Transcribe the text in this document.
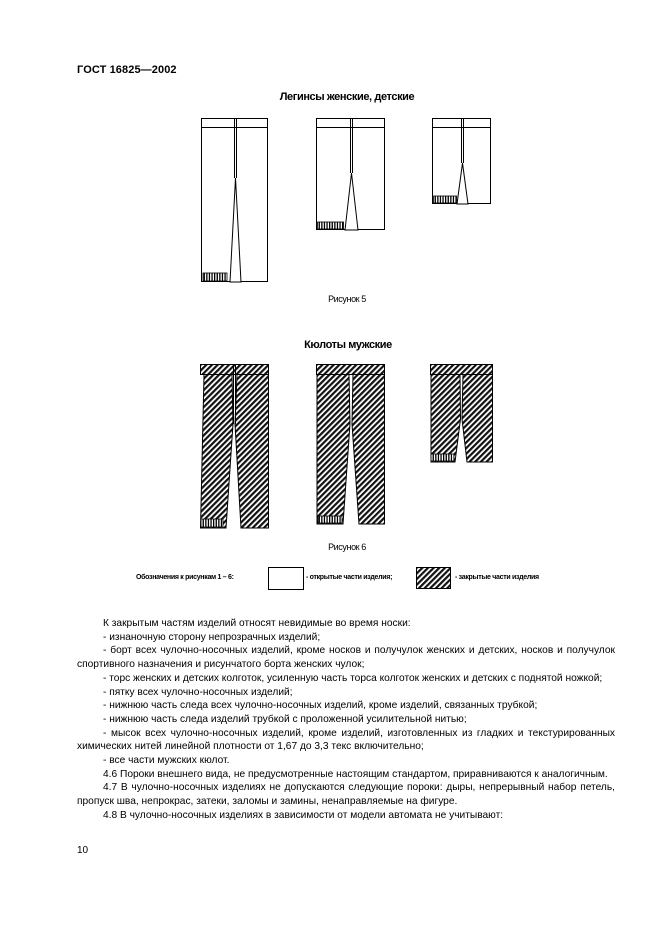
ГОСТ 16825—2002
Легинсы женские, детские
Рисунок 5
Кюлоты мужские
Рисунок 6
Обозначения к рисункам 1 – 6:	- открытые части изделия;	- закрытые части изделия

К закрытым частям изделий относят невидимые во время носки:

- изнаночную сторону непрозрачных изделий;

- борт всех чулочно-носочных изделий, кроме носков и получулок женских и детских, носков и получулок спортивного назначения и рисунчатого борта женских чулок;

- торс женских и детских колготок, усиленную часть торса колготок женских и детских с поднятой ножкой;

- пятку всех чулочно-носочных изделий;

- нижнюю часть следа всех чулочно-носочных изделий, кроме изделий, связанных трубкой;

- нижнюю часть следа изделий трубкой с проложенной усилительной нитью;

- мысок всех чулочно-носочных изделий, кроме изделий, изготовленных из гладких и текстурированных химических нитей линейной плотности от 1,67 до 3,3 текс включительно;

- все части мужских кюлот.

4.6 Пороки внешнего вида, не предусмотренные настоящим стандартом, приравниваются к аналогичным.

4.7 В чулочно-носочных изделиях не допускаются следующие пороки: дыры, непрерывный набор петель, пропуск шва, непрокрас, затеки, заломы и замины, ненаправляемые на фигуре.

4.8 В чулочно-носочных изделиях в зависимости от модели автомата не учитывают:

10
